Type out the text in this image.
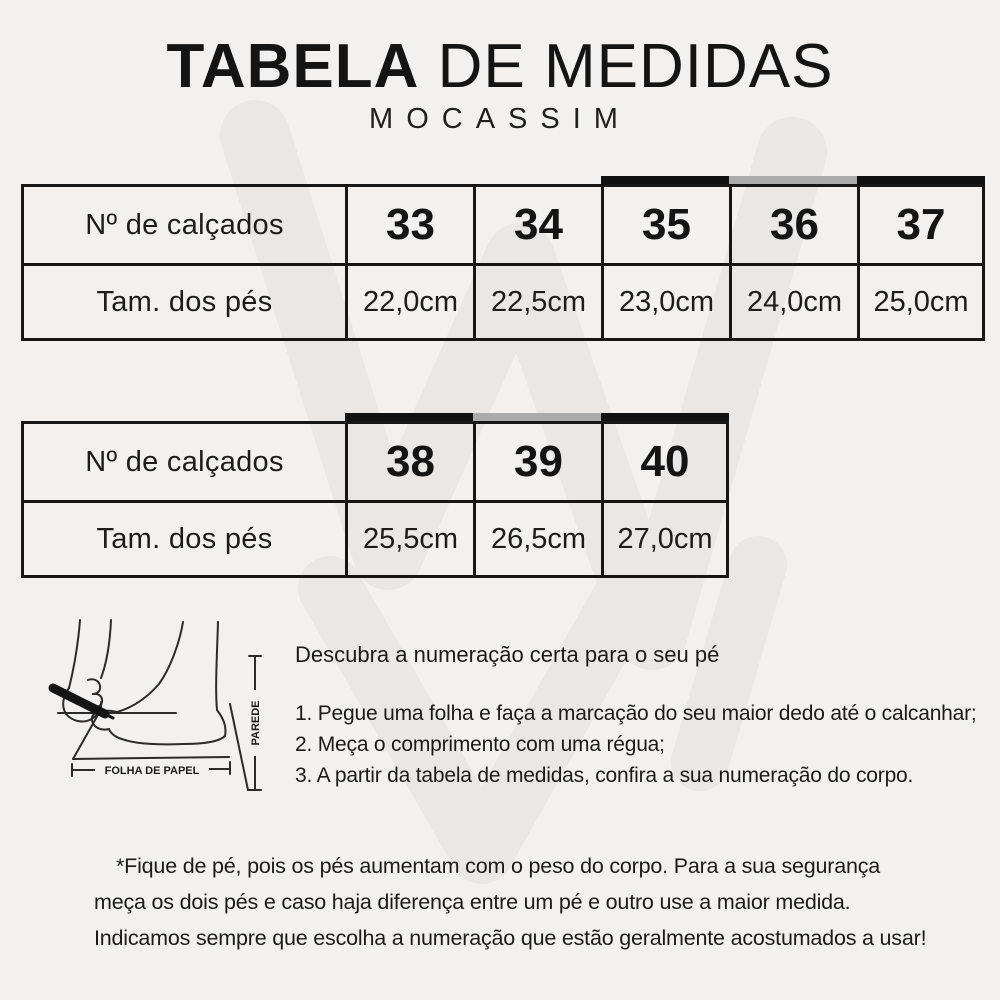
TABELA DE MEDIDAS
MOCASSIM
Nº de calçados 33 34 35 36 37
Tam. dos pés	22,0cm 22,5cm 23,0cm 24,0cm 25,0cm
Nº de calçados 38 39 40
Tam. dos pés	25,5cm 26,5cm 27,0cm
FOLHA DE PAPEL
PAREDE

Descubra a numeração certa para o seu pé

1. Pegue uma folha e faça a marcação do seu maior dedo até o calcanhar;

2. Meça o comprimento com uma régua;

3. A partir da tabela de medidas, confira a sua numeração do corpo.

*Fique de pé, pois os pés aumentam com o peso do corpo. Para a sua segurança

meça os dois pés e caso haja diferença entre um pé e outro use a maior medida.

Indicamos sempre que escolha a numeração que estão geralmente acostumados a usar!
